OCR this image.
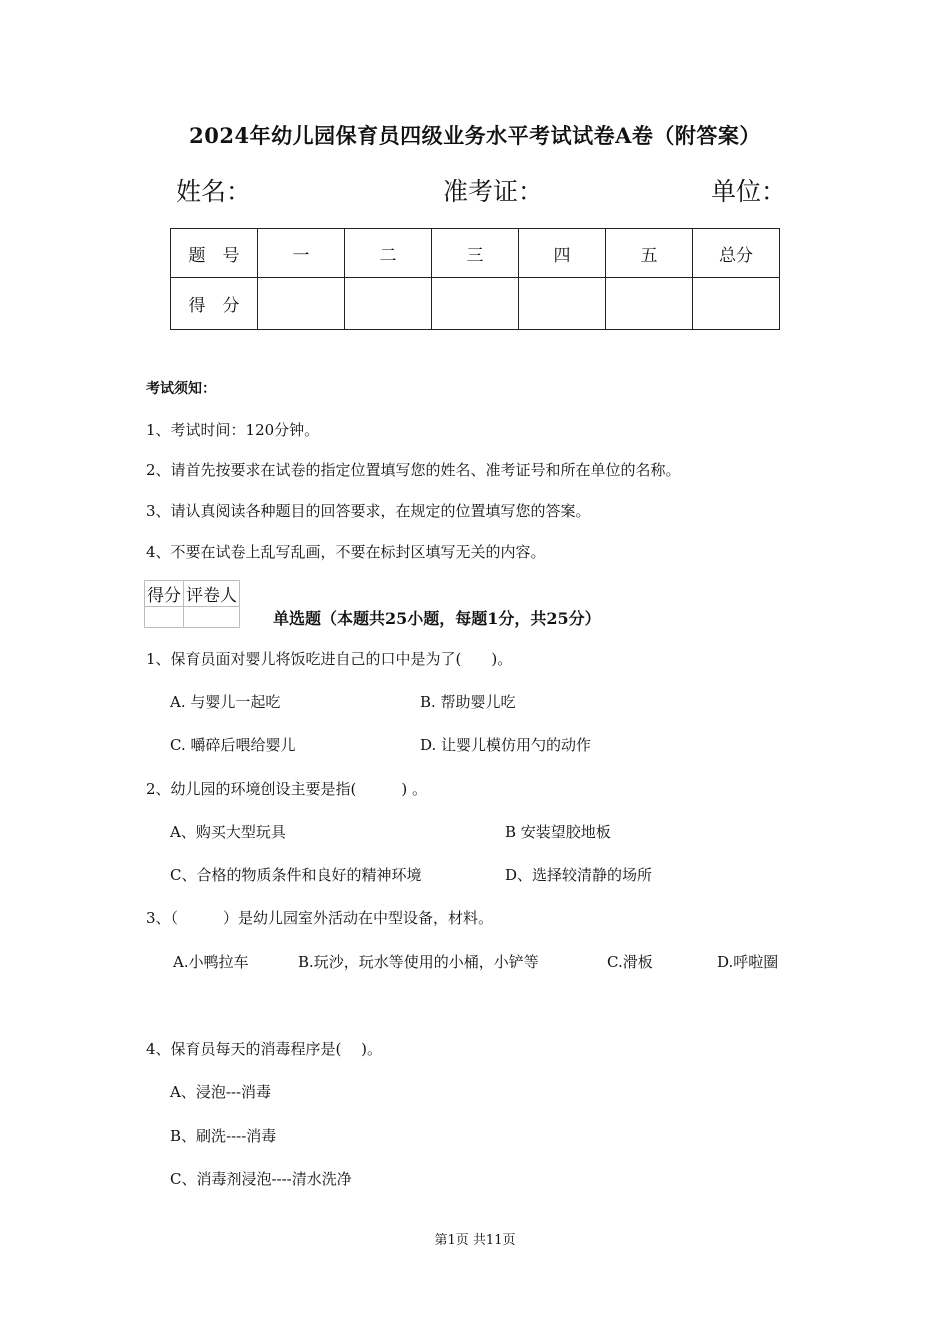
2024年幼儿园保育员四级业务水平考试试卷A卷（附答案）
姓名：	准考证：	单位：
题　号	一	二	三	四	五	总分
得　分						
考试须知：
1、考试时间：120分钟。
2、请首先按要求在试卷的指定位置填写您的姓名、准考证号和所在单位的名称。
3、请认真阅读各种题目的回答要求，在规定的位置填写您的答案。
4、不要在试卷上乱写乱画，不要在标封区填写无关的内容。
得分	评卷人

单选题（本题共25小题，每题1分，共25分）
1、保育员面对婴儿将饭吃进自己的口中是为了(　　)。
A. 与婴儿一起吃	B. 帮助婴儿吃
C. 嚼碎后喂给婴儿	D. 让婴儿模仿用勺的动作
2、幼儿园的环境创设主要是指(　　　) 。
A、购买大型玩具	B 安装望胶地板
C、合格的物质条件和良好的精神环境	D、选择较清静的场所
3、（　　　）是幼儿园室外活动在中型设备，材料。
A.小鸭拉车	B.玩沙，玩水等使用的小桶，小铲等	C.滑板	D.呼啦圈
4、保育员每天的消毒程序是(　 )。
A、浸泡---消毒
B、刷洗----消毒
C、消毒剂浸泡----清水洗净
第1页 共11页
